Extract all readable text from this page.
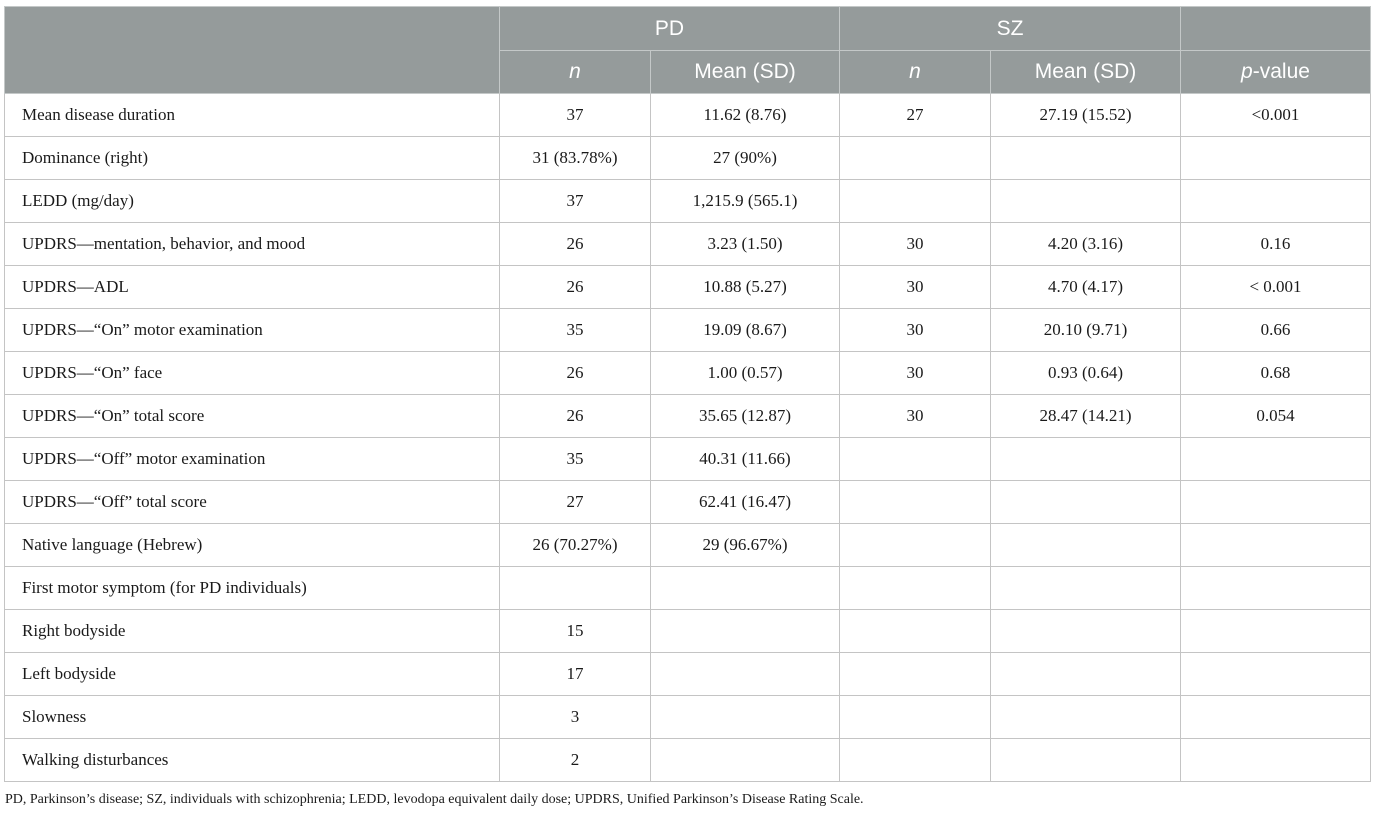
	PD		SZ		
	n	Mean (SD)	n	Mean (SD)	p-value
Mean disease duration	37	11.62 (8.76)	27	27.19 (15.52)	<0.001
Dominance (right)	31 (83.78%)	27 (90%)			
LEDD (mg/day)	37	1,215.9 (565.1)			
UPDRS—mentation, behavior, and mood	26	3.23 (1.50)	30	4.20 (3.16)	0.16
UPDRS—ADL	26	10.88 (5.27)	30	4.70 (4.17)	< 0.001
UPDRS—“On” motor examination	35	19.09 (8.67)	30	20.10 (9.71)	0.66
UPDRS—“On” face	26	1.00 (0.57)	30	0.93 (0.64)	0.68
UPDRS—“On” total score	26	35.65 (12.87)	30	28.47 (14.21)	0.054
UPDRS—“Off” motor examination	35	40.31 (11.66)			
UPDRS—“Off” total score	27	62.41 (16.47)			
Native language (Hebrew)	26 (70.27%)	29 (96.67%)			
First motor symptom (for PD individuals)					
Right bodyside	15				
Left bodyside	17				
Slowness	3				
Walking disturbances	2				
PD, Parkinson’s disease; SZ, individuals with schizophrenia; LEDD, levodopa equivalent daily dose; UPDRS, Unified Parkinson’s Disease Rating Scale.
